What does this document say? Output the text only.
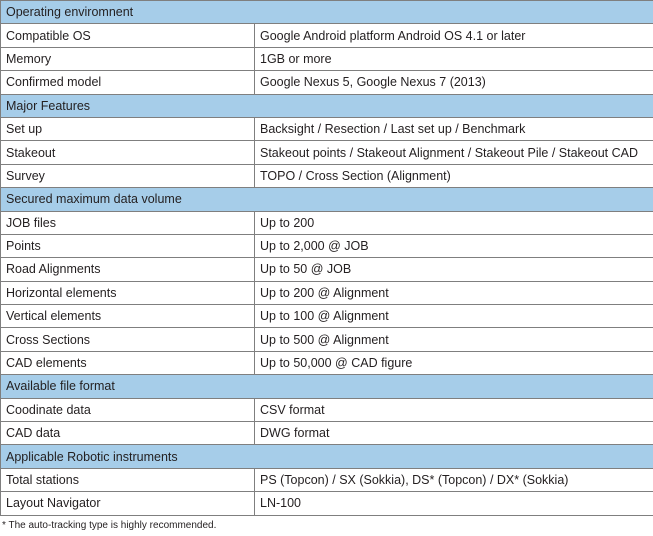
Operating enviromnent	
Compatible OS	Google Android platform Android OS 4.1 or later
Memory	1GB or more
Confirmed model	Google Nexus 5, Google Nexus 7 (2013)
Major Features	
Set up	Backsight / Resection / Last set up / Benchmark
Stakeout	Stakeout points / Stakeout Alignment / Stakeout Pile / Stakeout CAD
Survey	TOPO / Cross Section (Alignment)
Secured maximum data volume	
JOB files	Up to 200
Points	Up to 2,000 @ JOB
Road Alignments	Up to 50 @ JOB
Horizontal elements	Up to 200 @ Alignment
Vertical elements	Up to 100 @ Alignment
Cross Sections	Up to 500 @ Alignment
CAD elements	Up to 50,000 @ CAD figure
Available file format	
Coodinate data	CSV format
CAD data	DWG format
Applicable Robotic instruments	
Total stations	PS (Topcon) / SX (Sokkia), DS* (Topcon) / DX* (Sokkia)
Layout Navigator	LN-100
* The auto-tracking type is highly recommended.
